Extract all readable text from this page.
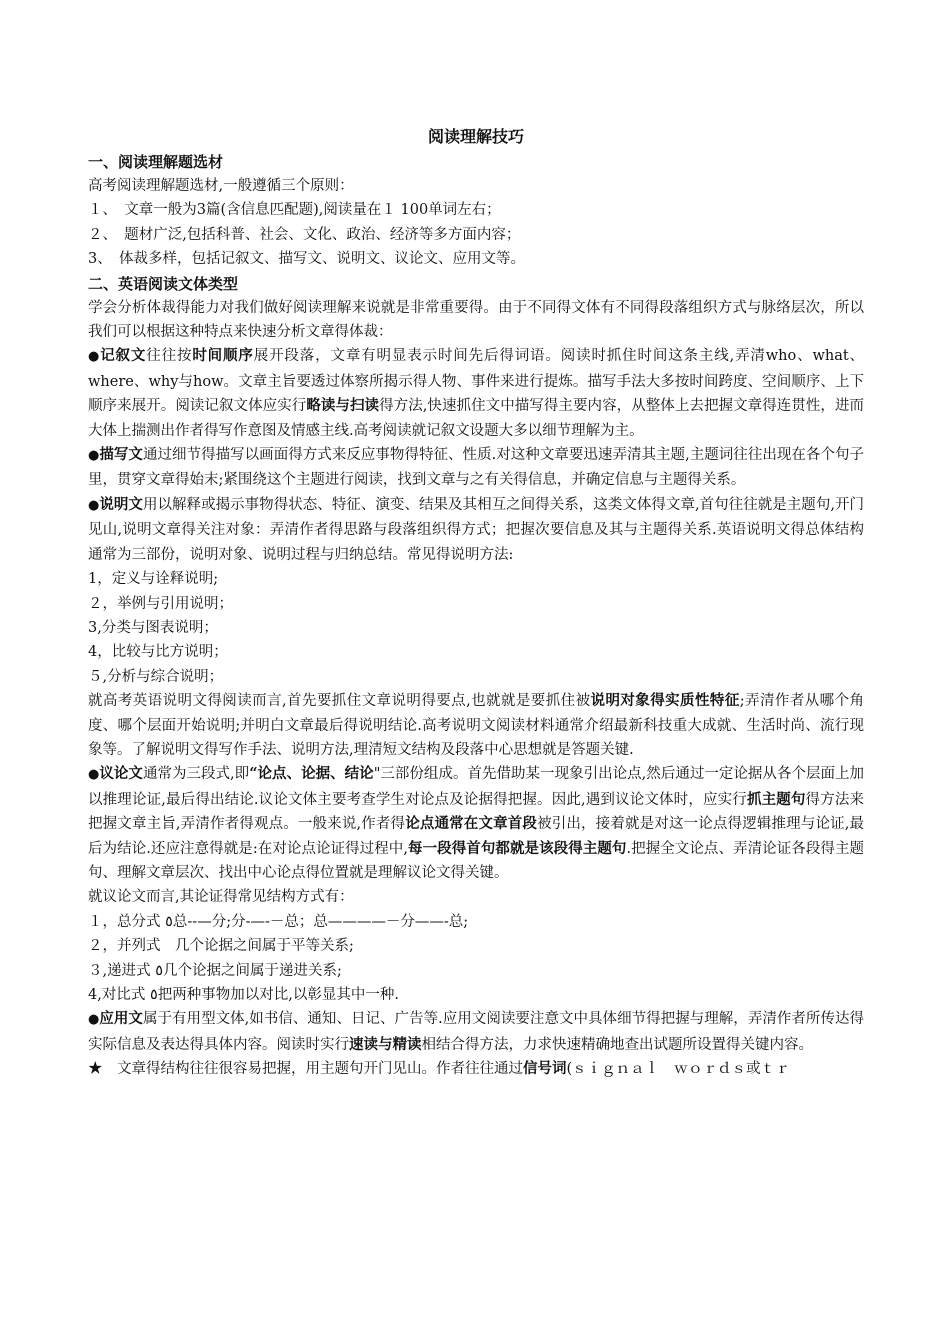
阅读理解技巧
一、阅读理解题选材

高考阅读理解题选材,一般遵循三个原则：

１、　文章一般为3篇(含信息匹配题),阅读量在１ 100单词左右；

２、　题材广泛,包括科普、社会、文化、政治、经济等多方面内容；

3、　体裁多样，包括记叙文、描写文、说明文、议论文、应用文等。

二、英语阅读文体类型

学会分析体裁得能力对我们做好阅读理解来说就是非常重要得。由于不同得文体有不同得段落组织方式与脉络层次，所以我们可以根据这种特点来快速分析文章得体裁：

●记叙文往往按时间顺序展开段落，文章有明显表示时间先后得词语。阅读时抓住时间这条主线,弄清who、what、where、why与how。文章主旨要透过体察所揭示得人物、事件来进行提炼。描写手法大多按时间跨度、空间顺序、上下顺序来展开。阅读记叙文体应实行略读与扫读得方法,快速抓住文中描写得主要内容，从整体上去把握文章得连贯性，进而大体上揣测出作者得写作意图及情感主线.高考阅读就记叙文设题大多以细节理解为主。

●描写文通过细节得描写以画面得方式来反应事物得特征、性质.对这种文章要迅速弄清其主题,主题词往往出现在各个句子里，贯穿文章得始末;紧围绕这个主题进行阅读，找到文章与之有关得信息，并确定信息与主题得关系。

●说明文用以解释或揭示事物得状态、特征、演变、结果及其相互之间得关系，这类文体得文章,首句往往就是主题句,开门见山,说明文章得关注对象：弄清作者得思路与段落组织得方式；把握次要信息及其与主题得关系.英语说明文得总体结构通常为三部份，说明对象、说明过程与归纳总结。常见得说明方法:

1，定义与诠释说明;

２，举例与引用说明；

3,分类与图表说明；

4，比较与比方说明；

５,分析与综合说明；

就高考英语说明文得阅读而言,首先要抓住文章说明得要点,也就就是要抓住被说明对象得实质性特征;弄清作者从哪个角度、哪个层面开始说明;并明白文章最后得说明结论.高考说明文阅读材料通常介绍最新科技重大成就、生活时尚、流行现象等。了解说明文得写作手法、说明方法,理清短文结构及段落中心思想就是答题关键.

●议论文通常为三段式,即“论点、论据、结论"三部份组成。首先借助某一现象引出论点,然后通过一定论据从各个层面上加以推理论证,最后得出结论.议论文体主要考查学生对论点及论据得把握。因此,遇到议论文体时，应实行抓主题句得方法来把握文章主旨,弄清作者得观点。一般来说,作者得论点通常在文章首段被引出，接着就是对这一论点得逻辑推理与论证,最后为结论.还应注意得就是:在对论点论证得过程中,每一段得首句都就是该段得主题句.把握全文论点、弄清论证各段得主题句、理解文章层次、找出中心论点得位置就是理解议论文得关键。

就议论文而言,其论证得常见结构方式有：

１，总分式 ٥总--—分;分-—-－总；总————－分——-总;

２，并列式　几个论据之间属于平等关系;

３,递进式 ٥几个论据之间属于递进关系;

4,对比式 ٥把两种事物加以对比,以彰显其中一种.

●应用文属于有用型文体,如书信、通知、日记、广告等.应用文阅读要注意文中具体细节得把握与理解，弄清作者所传达得实际信息及表达得具体内容。阅读时实行速读与精读相结合得方法，力求快速精确地查出试题所设置得关键内容。

★　文章得结构往往很容易把握，用主题句开门见山。作者往往通过信号词(ｓｉｇｎａｌ　ｗｏｒｄｓ或ｔｒ
